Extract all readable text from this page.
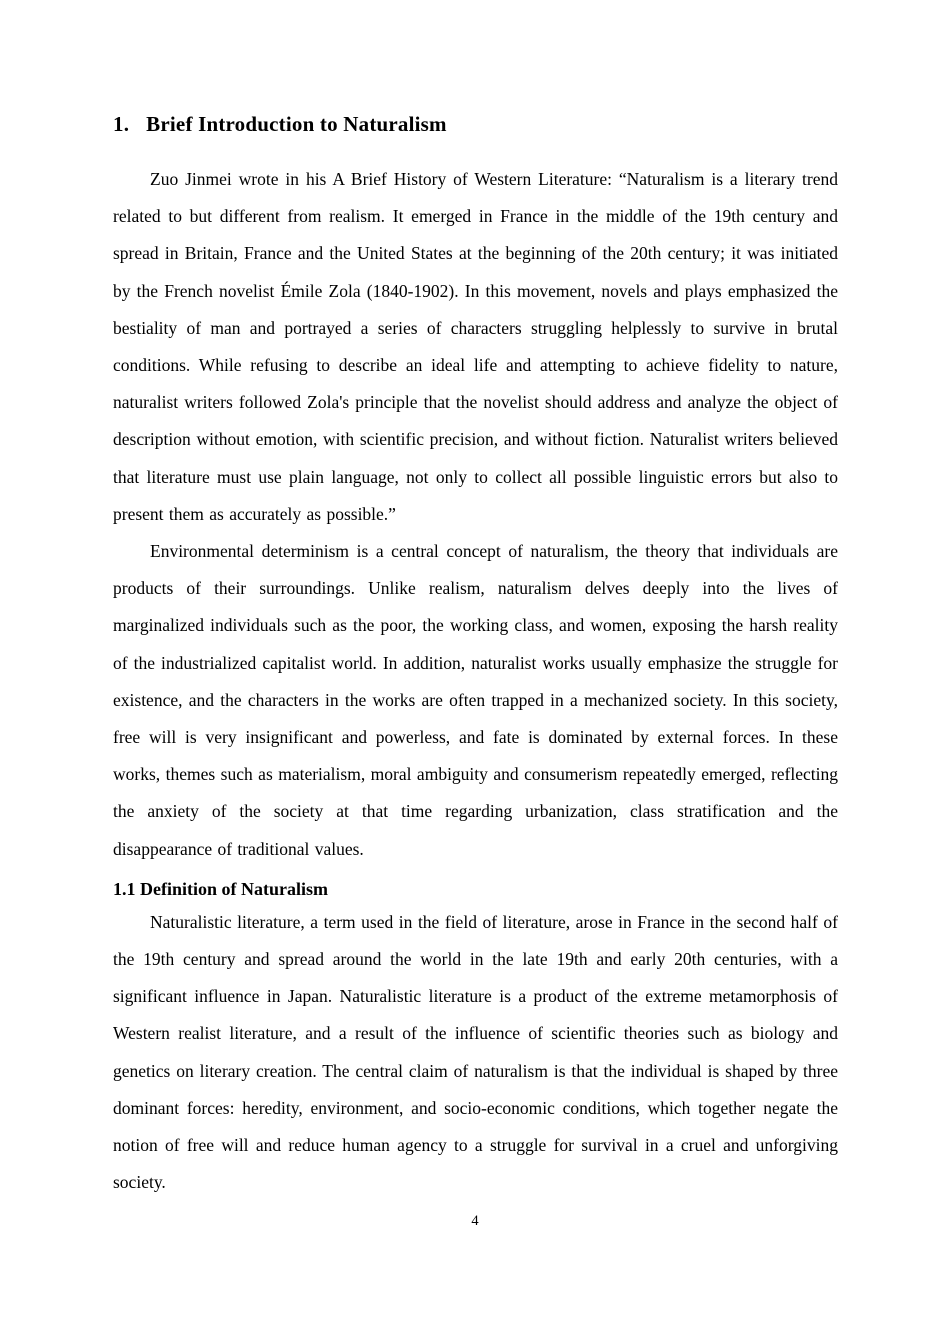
1. Brief Introduction to Naturalism

Zuo Jinmei wrote in his A Brief History of Western Literature: “Naturalism is a literary trend related to but different from realism. It emerged in France in the middle of the 19th century and spread in Britain, France and the United States at the beginning of the 20th century; it was initiated by the French novelist Émile Zola (1840-1902). In this movement, novels and plays emphasized the bestiality of man and portrayed a series of characters struggling helplessly to survive in brutal conditions. While refusing to describe an ideal life and attempting to achieve fidelity to nature, naturalist writers followed Zola's principle that the novelist should address and analyze the object of description without emotion, with scientific precision, and without fiction. Naturalist writers believed that literature must use plain language, not only to collect all possible linguistic errors but also to present them as accurately as possible.”

Environmental determinism is a central concept of naturalism, the theory that individuals are products of their surroundings. Unlike realism, naturalism delves deeply into the lives of marginalized individuals such as the poor, the working class, and women, exposing the harsh reality of the industrialized capitalist world. In addition, naturalist works usually emphasize the struggle for existence, and the characters in the works are often trapped in a mechanized society. In this society, free will is very insignificant and powerless, and fate is dominated by external forces. In these works, themes such as materialism, moral ambiguity and consumerism repeatedly emerged, reflecting the anxiety of the society at that time regarding urbanization, class stratification and the disappearance of traditional values.

1.1 Definition of Naturalism

Naturalistic literature, a term used in the field of literature, arose in France in the second half of the 19th century and spread around the world in the late 19th and early 20th centuries, with a significant influence in Japan. Naturalistic literature is a product of the extreme metamorphosis of Western realist literature, and a result of the influence of scientific theories such as biology and genetics on literary creation. The central claim of naturalism is that the individual is shaped by three dominant forces: heredity, environment, and socio-economic conditions, which together negate the notion of free will and reduce human agency to a struggle for survival in a cruel and unforgiving society.

4
